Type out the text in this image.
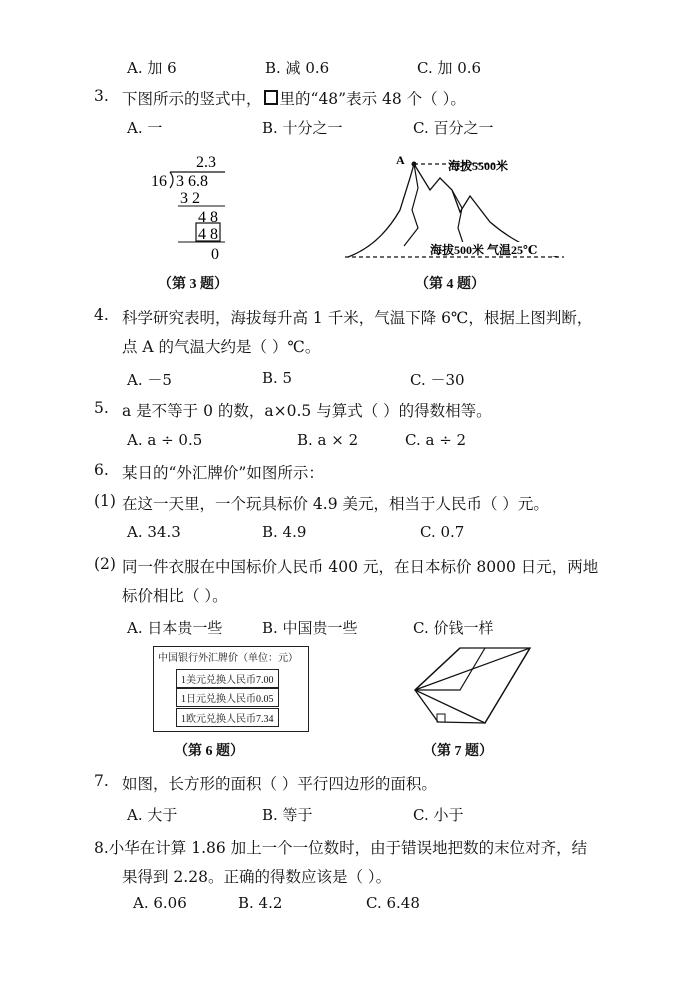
A. 加 6	B. 减 0.6	C. 加 0.6
3. 下图所示的竖式中， 里的“48”表示 48 个（ ）。
A. 一	B. 十分之一	C. 百分之一
2.3
16 3 6.8
3 2
4 8
4 8
0
（第 3 题）
A	海拔5500米
海拔500米 气温25℃
（第 4 题）
4. 科学研究表明，海拔每升高 1 千米，气温下降 6℃，根据上图判断，
点 A 的气温大约是（ ）℃。
A. －5	B. 5	C. －30
5. a 是不等于 0 的数，a×0.5 与算式（ ）的得数相等。
A. a ÷ 0.5	B. a × 2	C. a ÷ 2
6. 某日的“外汇牌价”如图所示：
(1) 在这一天里，一个玩具标价 4.9 美元，相当于人民币（ ）元。
A. 34.3	B. 4.9	C. 0.7
(2) 同一件衣服在中国标价人民币 400 元，在日本标价 8000 日元，两地
标价相比（ ）。
A. 日本贵一些	B. 中国贵一些	C. 价钱一样
中国银行外汇牌价（单位：元）
1美元兑换人民币7.00
1日元兑换人民币0.05
1欧元兑换人民币7.34
（第 6 题）	（第 7 题）
7. 如图，长方形的面积（ ）平行四边形的面积。
A. 大于	B. 等于	C. 小于
8.小华在计算 1.86 加上一个一位数时，由于错误地把数的末位对齐，结
果得到 2.28。正确的得数应该是（ ）。
A. 6.06	B. 4.2	C. 6.48
